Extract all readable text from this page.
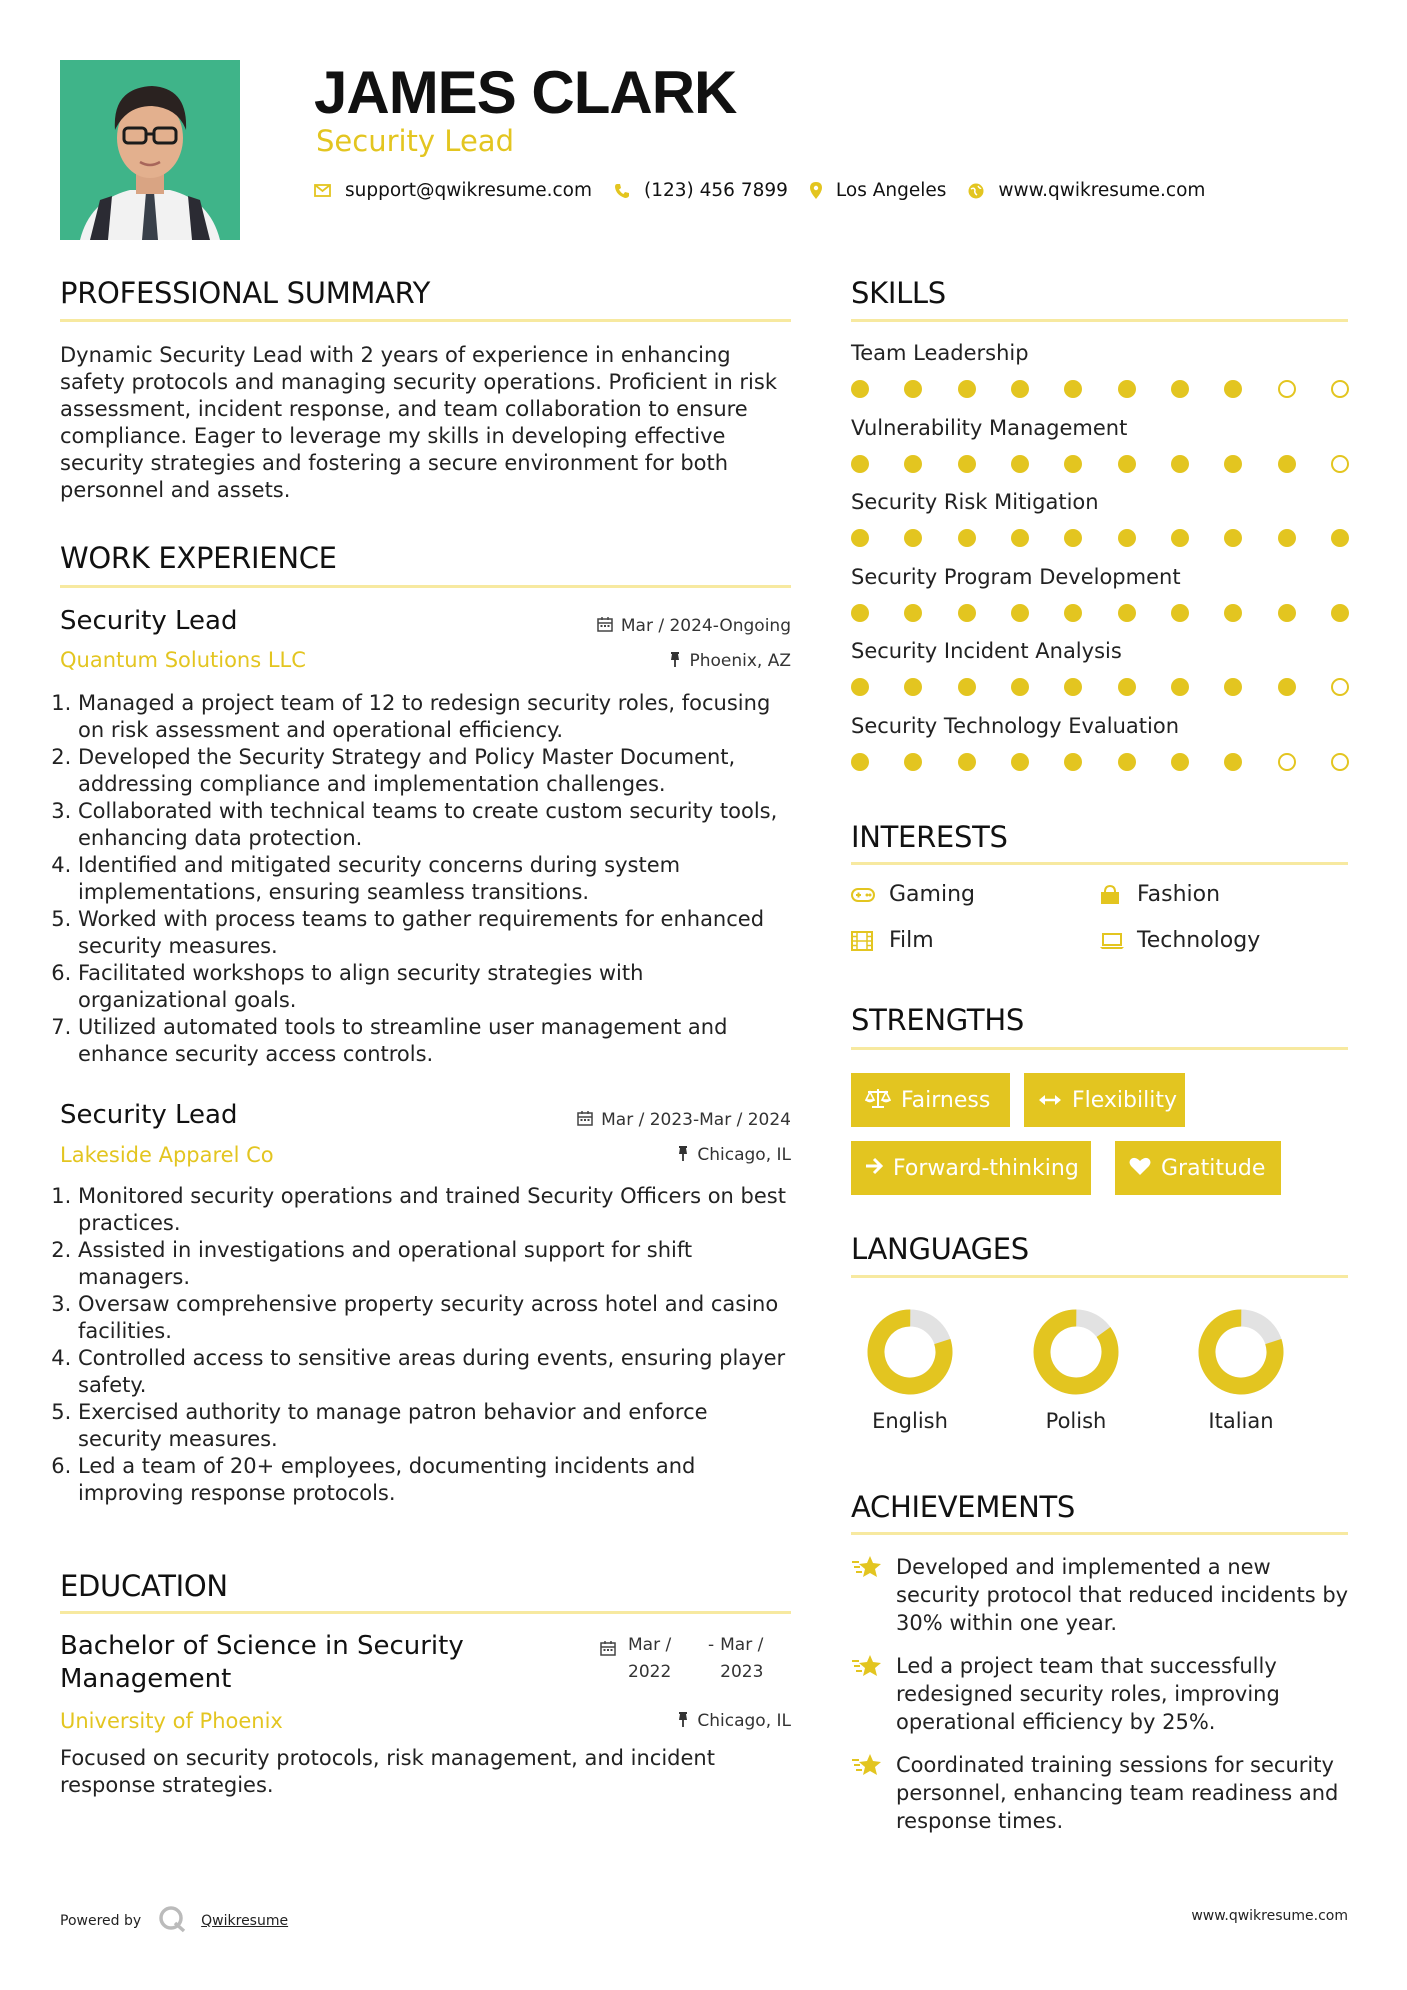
JAMES CLARK
Security Lead
support@qwikresume.com	(123) 456 7899	Los Angeles	www.qwikresume.com
PROFESSIONAL SUMMARY
Dynamic Security Lead with 2 years of experience in enhancing safety protocols and managing security operations. Proficient in risk assessment, incident response, and team collaboration to ensure compliance. Eager to leverage my skills in developing effective security strategies and fostering a secure environment for both personnel and assets.
WORK EXPERIENCE
Security Lead	Mar / 2024-Ongoing
Quantum Solutions LLC	Phoenix, AZ
1. Managed a project team of 12 to redesign security roles, focusing on risk assessment and operational efficiency.
2. Developed the Security Strategy and Policy Master Document, addressing compliance and implementation challenges.
3. Collaborated with technical teams to create custom security tools, enhancing data protection.
4. Identified and mitigated security concerns during system implementations, ensuring seamless transitions.
5. Worked with process teams to gather requirements for enhanced security measures.
6. Facilitated workshops to align security strategies with organizational goals.
7. Utilized automated tools to streamline user management and enhance security access controls.
Security Lead	Mar / 2023-Mar / 2024
Lakeside Apparel Co	Chicago, IL
1. Monitored security operations and trained Security Officers on best practices.
2. Assisted in investigations and operational support for shift managers.
3. Oversaw comprehensive property security across hotel and casino facilities.
4. Controlled access to sensitive areas during events, ensuring player safety.
5. Exercised authority to manage patron behavior and enforce security measures.
6. Led a team of 20+ employees, documenting incidents and improving response protocols.
EDUCATION
Bachelor of Science in Security Management
Mar / 2022
- Mar / 2023
University of Phoenix	Chicago, IL
Focused on security protocols, risk management, and incident response strategies.
SKILLS
Team Leadership
Vulnerability Management
Security Risk Mitigation
Security Program Development
Security Incident Analysis
Security Technology Evaluation
INTERESTS
Gaming	Fashion
Film	Technology
STRENGTHS
Fairness	Flexibility
Forward-thinking	Gratitude
LANGUAGES
English	Polish	Italian
ACHIEVEMENTS
Developed and implemented a new security protocol that reduced incidents by 30% within one year.
Led a project team that successfully redesigned security roles, improving operational efficiency by 25%.
Coordinated training sessions for security personnel, enhancing team readiness and response times.
Powered by	Qwikresume	www.qwikresume.com
